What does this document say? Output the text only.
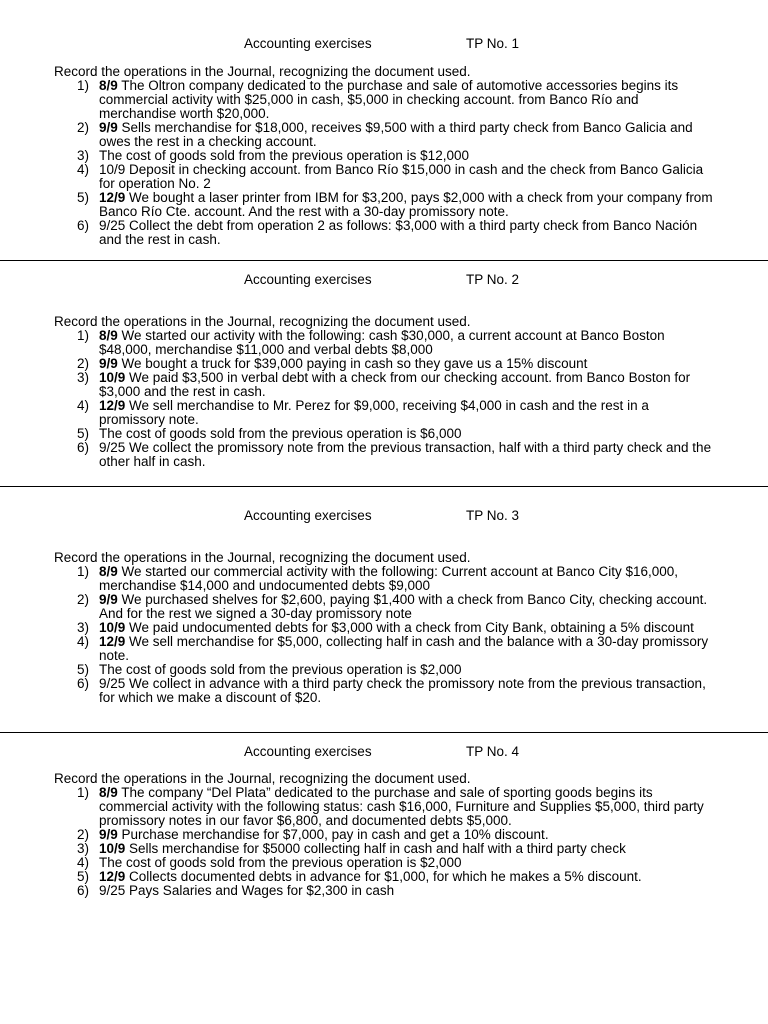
Accounting exercises	TP No. 1
Record the operations in the Journal, recognizing the document used.
1) 8/9 The Oltron company dedicated to the purchase and sale of automotive accessories begins its commercial activity with $25,000 in cash, $5,000 in checking account. from Banco Río and merchandise worth $20,000.
2) 9/9 Sells merchandise for $18,000, receives $9,500 with a third party check from Banco Galicia and owes the rest in a checking account.
3) The cost of goods sold from the previous operation is $12,000
4) 10/9 Deposit in checking account. from Banco Río $15,000 in cash and the check from Banco Galicia for operation No. 2
5) 12/9 We bought a laser printer from IBM for $3,200, pays $2,000 with a check from your company from Banco Río Cte. account. And the rest with a 30-day promissory note.
6) 9/25 Collect the debt from operation 2 as follows: $3,000 with a third party check from Banco Nación and the rest in cash.
Accounting exercises	TP No. 2
Record the operations in the Journal, recognizing the document used.
1) 8/9 We started our activity with the following: cash $30,000, a current account at Banco Boston $48,000, merchandise $11,000 and verbal debts $8,000
2) 9/9 We bought a truck for $39,000 paying in cash so they gave us a 15% discount
3) 10/9 We paid $3,500 in verbal debt with a check from our checking account. from Banco Boston for $3,000 and the rest in cash.
4) 12/9 We sell merchandise to Mr. Perez for $9,000, receiving $4,000 in cash and the rest in a promissory note.
5) The cost of goods sold from the previous operation is $6,000
6) 9/25 We collect the promissory note from the previous transaction, half with a third party check and the other half in cash.
Accounting exercises	TP No. 3
Record the operations in the Journal, recognizing the document used.
1) 8/9 We started our commercial activity with the following: Current account at Banco City $16,000, merchandise $14,000 and undocumented debts $9,000
2) 9/9 We purchased shelves for $2,600, paying $1,400 with a check from Banco City, checking account. And for the rest we signed a 30-day promissory note
3) 10/9 We paid undocumented debts for $3,000 with a check from City Bank, obtaining a 5% discount
4) 12/9 We sell merchandise for $5,000, collecting half in cash and the balance with a 30-day promissory note.
5) The cost of goods sold from the previous operation is $2,000
6) 9/25 We collect in advance with a third party check the promissory note from the previous transaction, for which we make a discount of $20.
Accounting exercises	TP No. 4
Record the operations in the Journal, recognizing the document used.
1) 8/9 The company “Del Plata” dedicated to the purchase and sale of sporting goods begins its commercial activity with the following status: cash $16,000, Furniture and Supplies $5,000, third party promissory notes in our favor $6,800, and documented debts $5,000.
2) 9/9 Purchase merchandise for $7,000, pay in cash and get a 10% discount.
3) 10/9 Sells merchandise for $5000 collecting half in cash and half with a third party check
4) The cost of goods sold from the previous operation is $2,000
5) 12/9 Collects documented debts in advance for $1,000, for which he makes a 5% discount.
6) 9/25 Pays Salaries and Wages for $2,300 in cash
